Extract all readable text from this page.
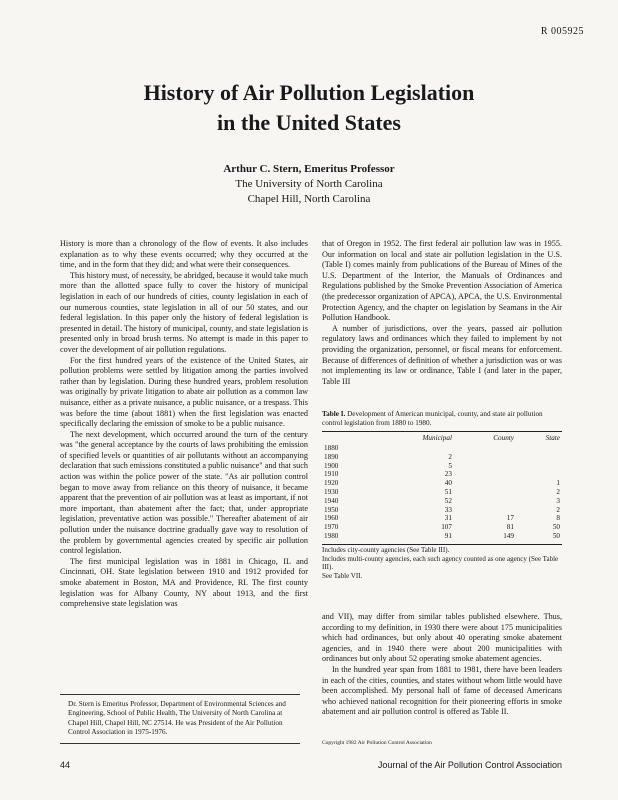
R 005925
History of Air Pollution Legislation
in the United States
Arthur C. Stern, Emeritus Professor
The University of North Carolina
Chapel Hill, North Carolina

History is more than a chronology of the flow of events. It also includes explanation as to why these events occurred; why they occurred at the time, and in the form that they did; and what were their consequences.

This history must, of necessity, be abridged, because it would take much more than the allotted space fully to cover the history of municipal legislation in each of our hundreds of cities, county legislation in each of our numerous counties, state legislation in all of our 50 states, and our federal legislation. In this paper only the history of federal legislation is presented in detail. The history of municipal, county, and state legislation is presented only in broad brush terms. No attempt is made in this paper to cover the development of air pollution regulations.

For the first hundred years of the existence of the United States, air pollution problems were settled by litigation among the parties involved rather than by legislation. During these hundred years, problem resolution was originally by private litigation to abate air pollution as a common law nuisance, either as a private nuisance, a public nuisance, or a trespass. This was before the time (about 1881) when the first legislation was enacted specifically declaring the emission of smoke to be a public nuisance.

The next development, which occurred around the turn of the century was "the general acceptance by the courts of laws prohibiting the emission of specified levels or quantities of air pollutants without an accompanying declaration that such emissions constituted a public nuisance" and that such action was within the police power of the state. "As air pollution control began to move away from reliance on this theory of nuisance, it became apparent that the prevention of air pollution was at least as important, if not more important, than abatement after the fact; that, under appropriate legislation, preventative action was possible." Thereafter abatement of air pollution under the nuisance doctrine gradually gave way to resolution of the problem by governmental agencies created by specific air pollution control legislation.

The first municipal legislation was in 1881 in Chicago, IL and Cincinnati, OH. State legislation between 1910 and 1912 provided for smoke abatement in Boston, MA and Providence, RI. The first county legislation was for Albany County, NY about 1913, and the first comprehensive state legislation was

that of Oregon in 1952. The first federal air pollution law was in 1955. Our information on local and state air pollution legislation in the U.S. (Table I) comes mainly from publications of the Bureau of Mines of the U.S. Department of the Interior, the Manuals of Ordinances and Regulations published by the Smoke Prevention Association of America (the predecessor organization of APCA), APCA, the U.S. Environmental Protection Agency, and the chapter on legislation by Seamans in the Air Pollution Handbook.

A number of jurisdictions, over the years, passed air pollution regulatory laws and ordinances which they failed to implement by not providing the organization, personnel, or fiscal means for enforcement. Because of differences of definition of whether a jurisdiction was or was not implementing its law or ordinance, Table I (and later in the paper, Table III

Table I. Development of American municipal, county, and state air pollution control legislation from 1880 to 1980.
	Municipal	County	State
1880			
1890	2		
1900	5		
1910	23		
1920	40		1
1930	51		2
1940	52		3
1950	33		2
1960	31	17	8
1970	107	81	50
1980	91	149	50
Includes city-county agencies (See Table III).
Includes multi-county agencies, each such agency counted as one agency (See Table III).
See Table VII.

and VII), may differ from similar tables published elsewhere. Thus, according to my definition, in 1930 there were about 175 municipalities which had ordinances, but only about 40 operating smoke abatement agencies, and in 1940 there were about 200 municipalities with ordinances but only about 52 operating smoke abatement agencies.

In the hundred year span from 1881 to 1981, there have been leaders in each of the cities, counties, and states without whom little would have been accomplished. My personal hall of fame of deceased Americans who achieved national recognition for their pioneering efforts in smoke abatement and air pollution control is offered as Table II.

Copyright 1982 Air Pollution Control Association
Dr. Stern is Emeritus Professor, Department of Environmental Sciences and Engineering, School of Public Health, The University of North Carolina at Chapel Hill, Chapel Hill, NC 27514. He was President of the Air Pollution Control Association in 1975-1976.
44	Journal of the Air Pollution Control Association
